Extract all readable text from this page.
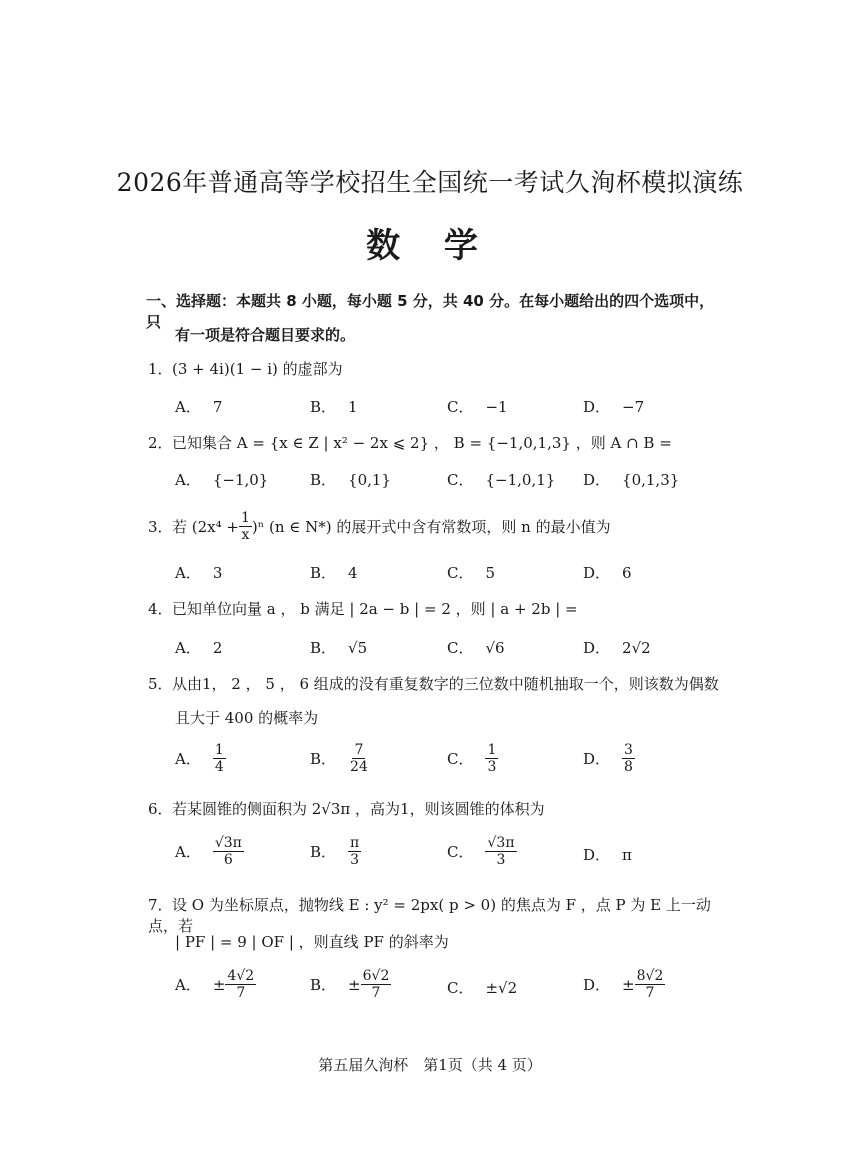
2026年普通高等学校招生全国统一考试久洵杯模拟演练
数 学
一、选择题：本题共 8 小题，每小题 5 分，共 40 分。在每小题给出的四个选项中，只
有一项是符合题目要求的。
1．(3 + 4i)(1 − i) 的虚部为
A． 7	B． 1	C． −1	D． −7
2．已知集合 A = {x ∈ Z | x² − 2x ⩽ 2} ， B = {−1,0,1,3} ，则 A ∩ B =
A． {−1,0}	B． {0,1}	C． {−1,0,1} D． {0,1,3}
3． 若 $(2x^4 + \frac{1}{x} )^n$ (n ∈ N*) 的展开式中含有常数项，则 n 的最小值为
A． 3	B． 4	C． 5	D． 6
4．已知单位向量 a ， b 满足 | 2a − b | = 2 ，则 | a + 2b | =
A． 2	B． √5	C． √6	D． 2√2
5．从由1， 2 ， 5 ， 6 组成的没有重复数字的三位数中随机抽取一个，则该数为偶数
且大于 400 的概率为
A． $\frac{1}{4}$	B． $\frac{7}{24}$	C． $\frac{1}{3}$	D． $\frac{3}{8}$
6．若某圆锥的侧面积为 2√3π ，高为1，则该圆锥的体积为
A． $\frac{√3\pi}{6}$	B． $\frac{\pi}{3}$	C． $\frac{√3\pi}{3}$	D． π
7．设 O 为坐标原点，抛物线 E : y² = 2px( p > 0) 的焦点为 F ，点 P 为 E 上一动点，若
| PF | = 9 | OF | ，则直线 PF 的斜率为
A． ± $\frac{4√2}{7}$	B． ± $\frac{6√2}{7}$	C． ±√2	D． ± $\frac{8√2}{7}$
第五届久洵杯　第1页（共 4 页）
